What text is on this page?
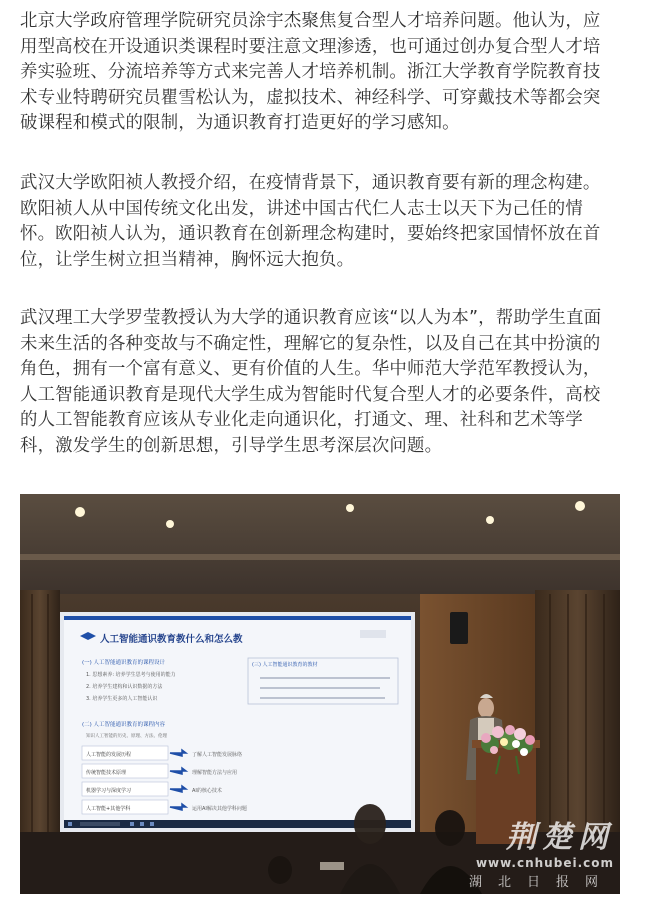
北京大学政府管理学院研究员涂宇杰聚焦复合型人才培养问题。他认为，应
用型高校在开设通识类课程时要注意文理渗透，也可通过创办复合型人才培
养实验班、分流培养等方式来完善人才培养机制。浙江大学教育学院教育技
术专业特聘研究员瞿雪松认为，虚拟技术、神经科学、可穿戴技术等都会突
破课程和模式的限制，为通识教育打造更好的学习感知。

武汉大学欧阳祯人教授介绍，在疫情背景下，通识教育要有新的理念构建。
欧阳祯人从中国传统文化出发，讲述中国古代仁人志士以天下为己任的情
怀。欧阳祯人认为，通识教育在创新理念构建时，要始终把家国情怀放在首
位，让学生树立担当精神，胸怀远大抱负。

武汉理工大学罗莹教授认为大学的通识教育应该“以人为本”，帮助学生直面
未来生活的各种变故与不确定性，理解它的复杂性，以及自己在其中扮演的
角色，拥有一个富有意义、更有价值的人生。华中师范大学范军教授认为，
人工智能通识教育是现代大学生成为智能时代复合型人才的必要条件，高校
的人工智能教育应该从专业化走向通识化，打通文、理、社科和艺术等学
科，激发学生的创新思想，引导学生思考深层次问题。

人工智能通识教育教什么和怎么教
(一) 人工智能通识教育的课程设计
1. 思想素养: 培养学生思考与使用的能力
2. 培养学生建构和认识数据的方法
3. 培养学生更多的人工智能认识
(三) 人工智能通识教育的教材
(二) 人工智能通识教育的课程内容
知识人工智能的历史、原理、方法、伦理
人工智能的发展历程	了解人工智能发展脉络
传统智能技术原理	理解智能方法与应用
机器学习与深度学习	AI的核心技术
人工智能+其他学科	运用AI解决其他学科问题
荆楚网
www.cnhubei.com
湖北日报网
